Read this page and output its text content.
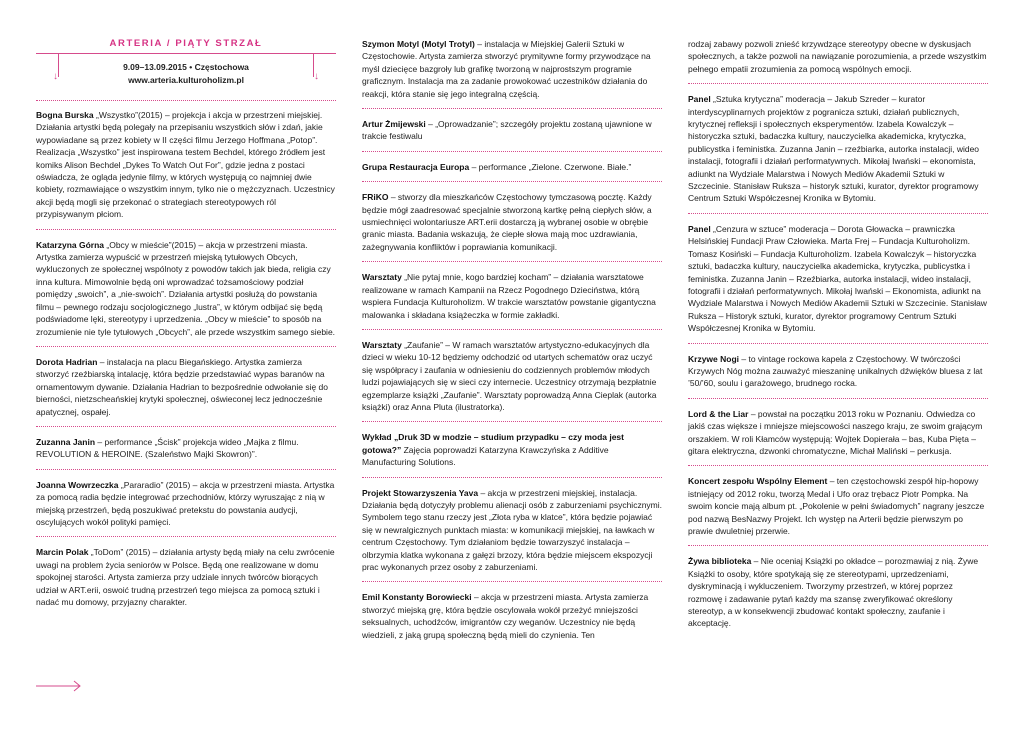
ARTERIA / PIĄTY STRZAŁ
↓	↓
9.09–13.09.2015 • Częstochowa
www.arteria.kulturoholizm.pl

Bogna Burska „Wszystko”(2015) – projekcja i akcja w przestrzeni miejskiej. Działania artystki będą polegały na przepisaniu wszystkich słów i zdań, jakie wypowiadane są przez kobiety w II części filmu Jerzego Hoffmana „Potop”. Realizacja „Wszystko” jest inspirowana testem Bechdel, którego źródłem jest komiks Alison Bechdel „Dykes To Watch Out For”, gdzie jedna z postaci oświadcza, że ogląda jedynie filmy, w których występują co najmniej dwie kobiety, rozmawiające o wszystkim innym, tylko nie o mężczyznach. Uczestnicy akcji będą mogli się przekonać o strategiach stereotypowych ról przypisywanym płciom.

Katarzyna Górna „Obcy w mieście”(2015) – akcja w przestrzeni miasta. Artystka zamierza wypuścić w przestrzeń miejską tytułowych Obcych, wykluczonych ze społecznej wspólnoty z powodów takich jak bieda, religia czy inna kultura. Mimowolnie będą oni wprowadzać tożsamościowy podział pomiędzy „swoich”, a „nie-swoich”. Działania artystki posłużą do powstania filmu – pewnego rodzaju socjologicznego „lustra”, w którym odbijać się będą podświadome lęki, stereotypy i uprzedzenia. „Obcy w mieście” to sposób na zrozumienie nie tyle tytułowych „Obcych”, ale przede wszystkim samego siebie.

Dorota Hadrian – instalacja na placu Biegańskiego. Artystka zamierza stworzyć rzeźbiarską intalację, która będzie przedstawiać wypas baranów na ornamentowym dywanie. Działania Hadrian to bezpośrednie odwołanie się do bierności, nietzscheańskiej krytyki społecznej, oświeconej lecz jednocześnie apatycznej, ospałej.

Zuzanna Janin – performance „Ścisk” projekcja wideo „Majka z filmu. REVOLUTION & HEROINE. (Szaleństwo Majki Skowron)”.

Joanna Wowrzeczka „Pararadio” (2015) – akcja w przestrzeni miasta. Artystka za pomocą radia będzie integrować przechodniów, którzy wyruszając z nią w miejską przestrzeń, będą poszukiwać pretekstu do powstania audycji, oscylujących wokół polityki pamięci.

Marcin Polak „ToDom” (2015) – działania artysty będą miały na celu zwrócenie uwagi na problem życia seniorów w Polsce. Będą one realizowane w domu spokojnej starości. Artysta zamierza przy udziale innych twórców biorących udział w ART.erii, oswoić trudną przestrzeń tego miejsca za pomocą sztuki i nadać mu domowy, przyjazny charakter.

Szymon Motyl (Motyl Trotyl) – instalacja w Miejskiej Galerii Sztuki w Częstochowie. Artysta zamierza stworzyć prymitywne formy przywodzące na myśl dziecięce bazgroły lub grafikę tworzoną w najprostszym programie graficznym. Instalacja ma za zadanie prowokować uczestników działania do reakcji, która stanie się jego integralną częścią.

Artur Żmijewski – „Oprowadzanie”; szczegóły projektu zostaną ujawnione w trakcie festiwalu

Grupa Restauracja Europa – performance „Zielone. Czerwone. Białe.”

FRiKO – stworzy dla mieszkańców Częstochowy tymczasową pocztę. Każdy będzie mógł zaadresować specjalnie stworzoną kartkę pełną ciepłych słów, a usmiechnięci wolontariusze ART.erii dostarczą ją wybranej osobie w obrębie granic miasta. Badania wskazują, że ciepłe słowa mają moc uzdrawiania, zażegnywania konfliktów i poprawiania komunikacji.

Warsztaty „Nie pytaj mnie, kogo bardziej kocham” – działania warsztatowe realizowane w ramach Kampanii na Rzecz Pogodnego Dzieciństwa, którą wspiera Fundacja Kulturoholizm. W trakcie warsztatów powstanie gigantyczna malowanka i składana książeczka w formie zakładki.

Warsztaty „Zaufanie” – W ramach warsztatów artystyczno-edukacyjnych dla dzieci w wieku 10-12 będziemy odchodzić od utartych schematów oraz uczyć się współpracy i zaufania w odniesieniu do codziennych problemów młodych ludzi pojawiających się w sieci czy internecie. Uczestnicy otrzymają bezpłatnie egzemplarze książki „Zaufanie”. Warsztaty poprowadzą Anna Cieplak (autorka książki) oraz Anna Pluta (ilustratorka).

Wykład „Druk 3D w modzie – studium przypadku – czy moda jest gotowa?” Zajęcia poprowadzi Katarzyna Krawczyńska z Additive Manufacturing Solutions.

Projekt Stowarzyszenia Yava – akcja w przestrzeni miejskiej, instalacja. Działania będą dotyczyły problemu alienacji osób z zaburzeniami psychicznymi. Symbolem tego stanu rzeczy jest „Złota ryba w klatce”, która będzie pojawiać się w newralgicznych punktach miasta: w komunikacji miejskiej, na ławkach w centrum Częstochowy. Tym działaniom będzie towarzyszyć instalacja – olbrzymia klatka wykonana z gałęzi brzozy, która będzie miejscem ekspozycji prac wykonanych przez osoby z zaburzeniami.

Emil Konstanty Borowiecki – akcja w przestrzeni miasta. Artysta zamierza stworzyć miejską grę, która będzie oscylowała wokół przeżyć mniejszości seksualnych, uchodźców, imigrantów czy weganów. Uczestnicy nie będą wiedzieli, z jaką grupą społeczną będą mieli do czynienia. Ten

rodzaj zabawy pozwoli znieść krzywdzące stereotypy obecne w dyskusjach społecznych, a także pozwoli na nawiązanie porozumienia, a przede wszystkim pełnego empatii zrozumienia za pomocą wspólnych emocji.

Panel „Sztuka krytyczna” moderacja – Jakub Szreder – kurator interdyscyplinarnych projektów z pogranicza sztuki, działań publicznych, krytycznej refleksji i społecznych eksperymentów. Izabela Kowalczyk – historyczka sztuki, badaczka kultury, nauczycielka akademicka, krytyczka, publicystka i feministka. Zuzanna Janin – rzeźbiarka, autorka instalacji, wideo instalacji, fotografii i działań performatywnych. Mikołaj Iwański – ekonomista, adiunkt na Wydziale Malarstwa i Nowych Mediów Akademii Sztuki w Szczecinie. Stanisław Ruksza – historyk sztuki, kurator, dyrektor programowy Centrum Sztuki Współczesnej Kronika w Bytomiu.

Panel „Cenzura w sztuce” moderacja – Dorota Głowacka – prawniczka Helsińskiej Fundacji Praw Człowieka. Marta Frej – Fundacja Kulturoholizm. Tomasz Kosiński – Fundacja Kulturoholizm. Izabela Kowalczyk – historyczka sztuki, badaczka kultury, nauczycielka akademicka, krytyczka, publicystka i feministka. Zuzanna Janin – Rzeźbiarka, autorka instalacji, wideo instalacji, fotografii i działań performatywnych. Mikołaj Iwański – Ekonomista, adiunkt na Wydziale Malarstwa i Nowych Mediów Akademii Sztuki w Szczecinie. Stanisław Ruksza – Historyk sztuki, kurator, dyrektor programowy Centrum Sztuki Współczesnej Kronika w Bytomiu.

Krzywe Nogi – to vintage rockowa kapela z Częstochowy. W twórczości Krzywych Nóg można zauważyć mieszaninę unikalnych dźwięków bluesa z lat ’50/’60, soulu i garażowego, brudnego rocka.

Lord & the Liar – powstał na początku 2013 roku w Poznaniu. Odwiedza co jakiś czas większe i mniejsze miejscowości naszego kraju, ze swoim grającym orszakiem. W roli Kłamców występują: Wojtek Dopierała – bas, Kuba Pięta – gitara elektryczna, dzwonki chromatyczne, Michał Maliński – perkusja.

Koncert zespołu Wspólny Element – ten częstochowski zespół hip-hopowy istniejący od 2012 roku, tworzą Medal i Ufo oraz trębacz Piotr Pompka. Na swoim koncie mają album pt. „Pokolenie w pełni świadomych” nagrany jeszcze pod nazwą BesNazwy Projekt. Ich występ na Arterii będzie pierwszym po prawie dwuletniej przerwie.

Żywa biblioteka – Nie oceniaj Książki po okładce – porozmawiaj z nią. Żywe Książki to osoby, które spotykają się ze stereotypami, uprzedzeniami, dyskryminacją i wykluczeniem. Tworzymy przestrzeń, w której poprzez rozmowę i zadawanie pytań każdy ma szansę zweryfikować określony stereotyp, a w konsekwencji zbudować kontakt społeczny, zaufanie i akceptację.
